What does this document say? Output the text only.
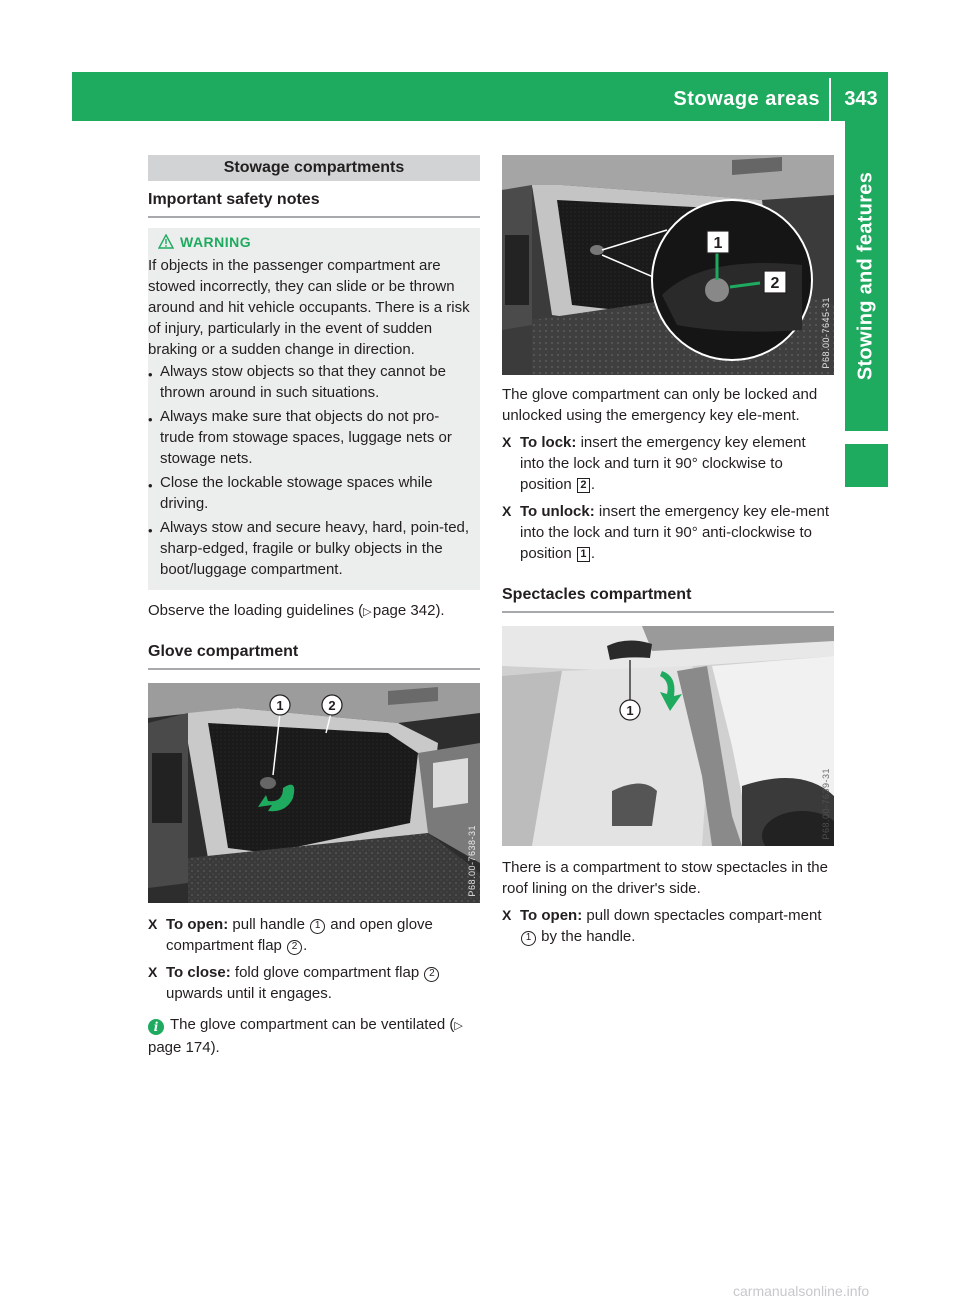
Stowage areas	343
Stowing and features
Stowage compartments
Important safety notes
WARNING

If objects in the passenger compartment are stowed incorrectly, they can slide or be thrown around and hit vehicle occupants. There is a risk of injury, particularly in the event of sudden braking or a sudden change in direction.

• Always stow objects so that they cannot be thrown around in such situations.

• Always make sure that objects do not pro-trude from stowage spaces, luggage nets or stowage nets.

• Close the lockable stowage spaces while driving.

• Always stow and secure heavy, hard, poin-ted, sharp-edged, fragile or bulky objects in the boot/luggage compartment.

Observe the loading guidelines (▷ page 342).

Glove compartment
1	2
P68.00-7638-31

X To open: pull handle 1 and open glove compartment flap 2 .

X To close: fold glove compartment flap 2 upwards until it engages.

i The glove compartment can be ventilated (▷ page 174).

1
2
P68.00-7645-31

The glove compartment can only be locked and unlocked using the emergency key ele-ment.

X To lock: insert the emergency key element into the lock and turn it 90° clockwise to position 2 .

X To unlock: insert the emergency key ele-ment into the lock and turn it 90° anti-clockwise to position 1 .

Spectacles compartment
1
P68.00-7639-31

There is a compartment to stow spectacles in the roof lining on the driver's side.

X To open: pull down spectacles compart-ment 1 by the handle.

carmanualsonline.info
